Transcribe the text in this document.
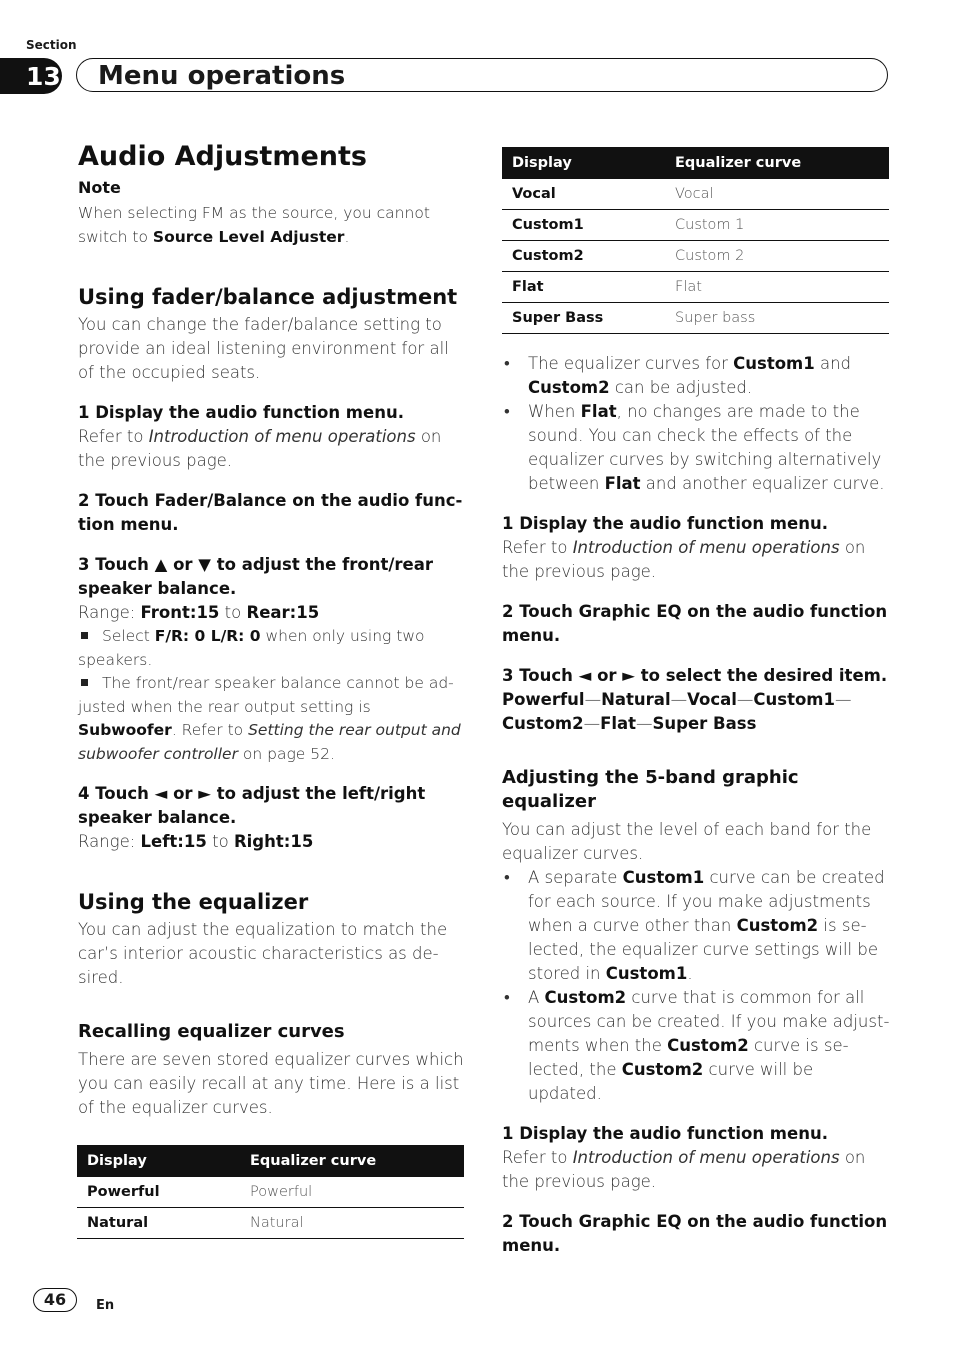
Section
13 Menu operations

Audio Adjustments

Note

When selecting FM as the source, you cannot switch to Source Level Adjuster.

Using fader/balance adjustment

You can change the fader/balance setting to provide an ideal listening environment for all of the occupied seats.

1 Display the audio function menu.

Refer to Introduction of menu operations on the previous page.

2 Touch Fader/Balance on the audio func-tion menu.

3 Touch ▲ or ▼ to adjust the front/rear speaker balance.

Range: Front:15 to Rear:15

Select F/R: 0 L/R: 0 when only using two speakers.

The front/rear speaker balance cannot be ad-justed when the rear output setting is Subwoofer. Refer to Setting the rear output and subwoofer controller on page 52.

4 Touch ◄ or ► to adjust the left/right speaker balance.

Range: Left:15 to Right:15

Using the equalizer

You can adjust the equalization to match the car’s interior acoustic characteristics as de-sired.

Recalling equalizer curves

There are seven stored equalizer curves which you can easily recall at any time. Here is a list of the equalizer curves.

Display	Equalizer curve
Powerful	Powerful
Natural	Natural
Display	Equalizer curve
Vocal	Vocal
Custom1	Custom 1
Custom2	Custom 2
Flat	Flat
Super Bass	Super bass
• The equalizer curves for Custom1 and Custom2 can be adjusted.
• When Flat, no changes are made to the sound. You can check the effects of the equalizer curves by switching alternatively between Flat and another equalizer curve.

1 Display the audio function menu.

Refer to Introduction of menu operations on the previous page.

2 Touch Graphic EQ on the audio function menu.

3 Touch ◄ or ► to select the desired item.

Powerful—Natural—Vocal—Custom1—
Custom2—Flat—Super Bass

Adjusting the 5-band graphic equalizer

You can adjust the level of each band for the equalizer curves.

• A separate Custom1 curve can be created for each source. If you make adjustments when a curve other than Custom2 is se-lected, the equalizer curve settings will be stored in Custom1.
• A Custom2 curve that is common for all sources can be created. If you make adjust-ments when the Custom2 curve is se-lected, the Custom2 curve will be updated.

1 Display the audio function menu.

Refer to Introduction of menu operations on the previous page.

2 Touch Graphic EQ on the audio function menu.

46	En
